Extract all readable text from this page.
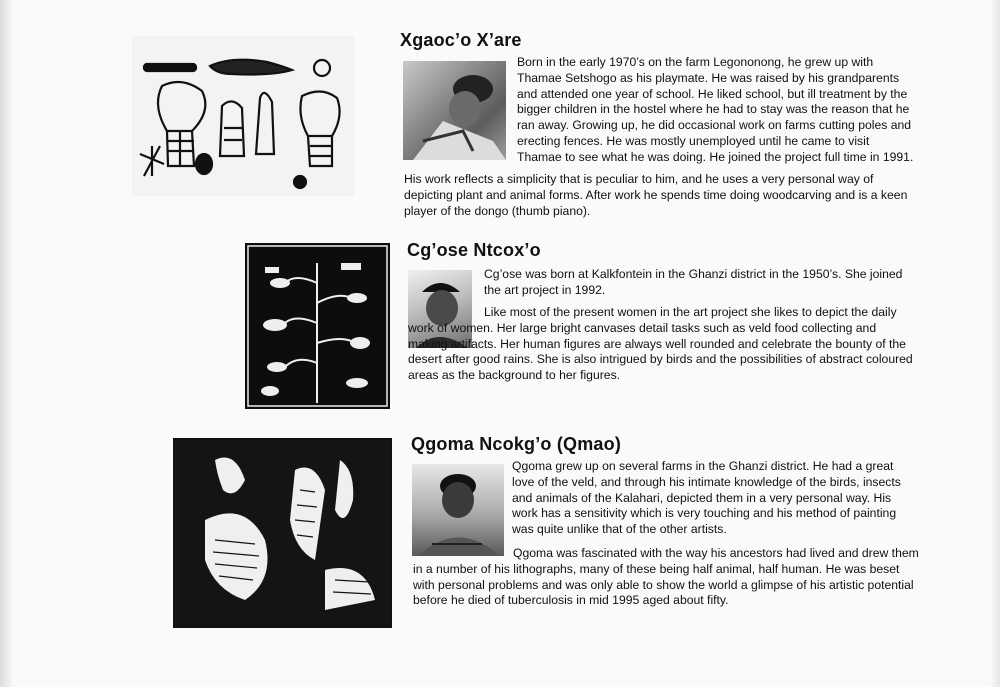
Xgaoc’o X’are

Born in the early 1970’s on the farm Legononong, he grew up with Thamae Setshogo as his playmate. He was raised by his grandparents and attended one year of school. He liked school, but ill treatment by the bigger children in the hostel where he had to stay was the reason that he ran away. Growing up, he did occasional work on farms cutting poles and erecting fences. He was mostly unemployed until he came to visit Thamae to see what he was doing. He joined the project full time in 1991.

His work reflects a simplicity that is peculiar to him, and he uses a very personal way of depicting plant and animal forms. After work he spends time doing woodcarving and is a keen player of the dongo (thumb piano).

Cg’ose Ntcox’o

Cg’ose was born at Kalkfontein in the Ghanzi district in the 1950’s. She joined the art project in 1992.

Like most of the present women in the art project she likes to depict the daily work of women. Her large bright canvases detail tasks such as veld food collecting and making artifacts. Her human figures are always well rounded and celebrate the bounty of the desert after good rains. She is also intrigued by birds and the possibilities of abstract coloured areas as the background to her figures.

Qgoma Ncokg’o (Qmao)

Qgoma grew up on several farms in the Ghanzi district. He had a great love of the veld, and through his intimate knowledge of the birds, insects and animals of the Kalahari, depicted them in a very personal way. His work has a sensitivity which is very touching and his method of painting was quite unlike that of the other artists.

Qgoma was fascinated with the way his ancestors had lived and drew them in a number of his lithographs, many of these being half animal, half human. He was beset with personal problems and was only able to show the world a glimpse of his artistic potential before he died of tuberculosis in mid 1995 aged about fifty.
